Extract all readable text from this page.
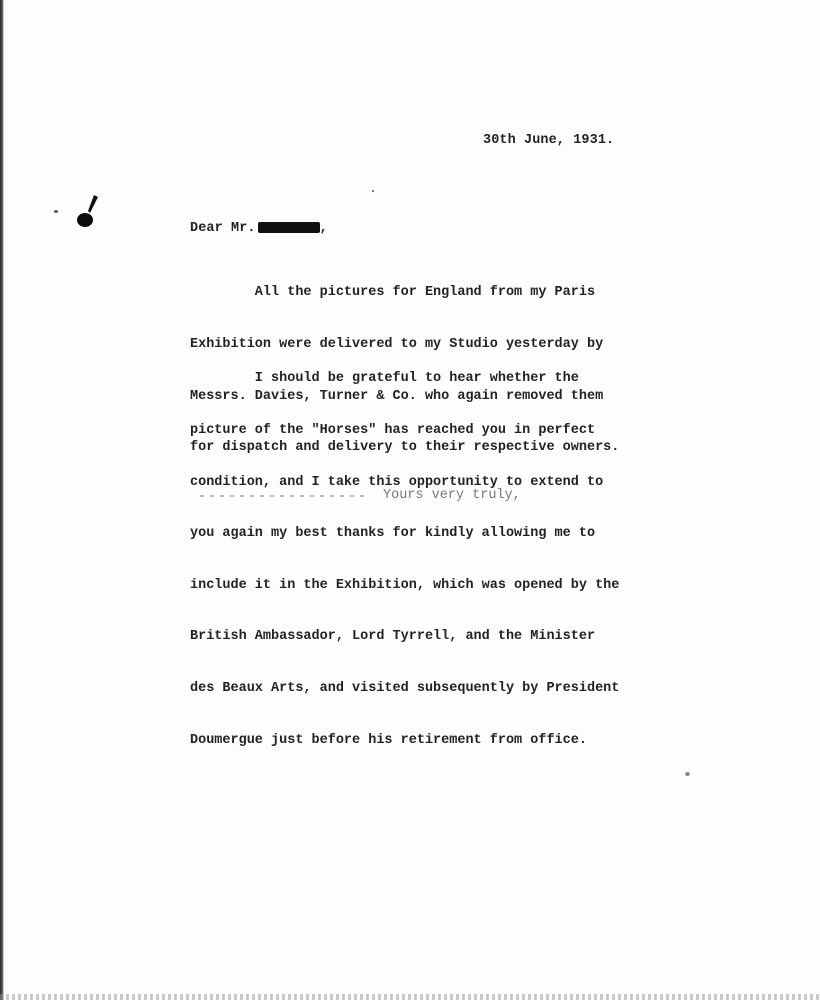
30th June, 1931.
Dear Mr.	,

All the pictures for England from my Paris

Exhibition were delivered to my Studio yesterday by

Messrs. Davies, Turner & Co. who again removed them

for dispatch and delivery to their respective owners.

I should be grateful to hear whether the

picture of the "Horses" has reached you in perfect

condition, and I take this opportunity to extend to

you again my best thanks for kindly allowing me to

include it in the Exhibition, which was opened by the

British Ambassador, Lord Tyrrell, and the Minister

des Beaux Arts, and visited subsequently by President

Doumergue just before his retirement from office.

Yours very truly,
